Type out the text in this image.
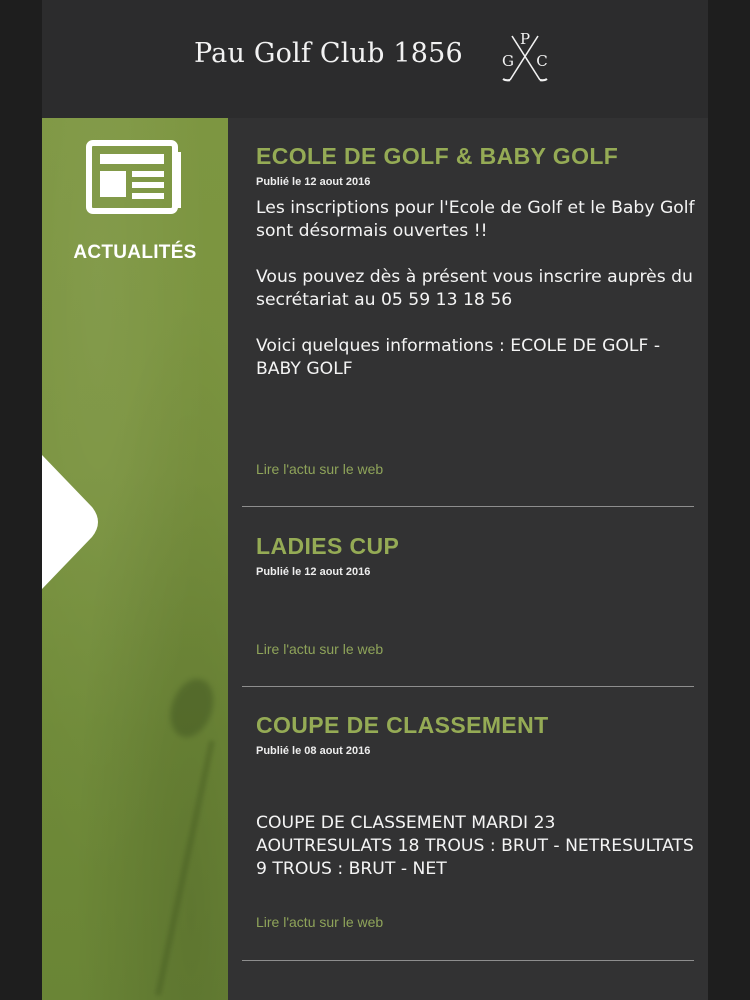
Pau Golf Club 1856	P
G C
ACTUALITÉS
ECOLE DE GOLF & BABY GOLF
Publié le 12 aout 2016

Les inscriptions pour l'Ecole de Golf et le Baby Golf sont désormais ouvertes !!

Vous pouvez dès à présent vous inscrire auprès du secrétariat au 05 59 13 18 56

Voici quelques informations : ECOLE DE GOLF - BABY GOLF

Lire l'actu sur le web
LADIES CUP
Publié le 12 aout 2016
Lire l'actu sur le web
COUPE DE CLASSEMENT
Publié le 08 aout 2016

COUPE DE CLASSEMENT MARDI 23 AOUTRESULATS 18 TROUS : BRUT - NETRESULTATS 9 TROUS : BRUT - NET

Lire l'actu sur le web
